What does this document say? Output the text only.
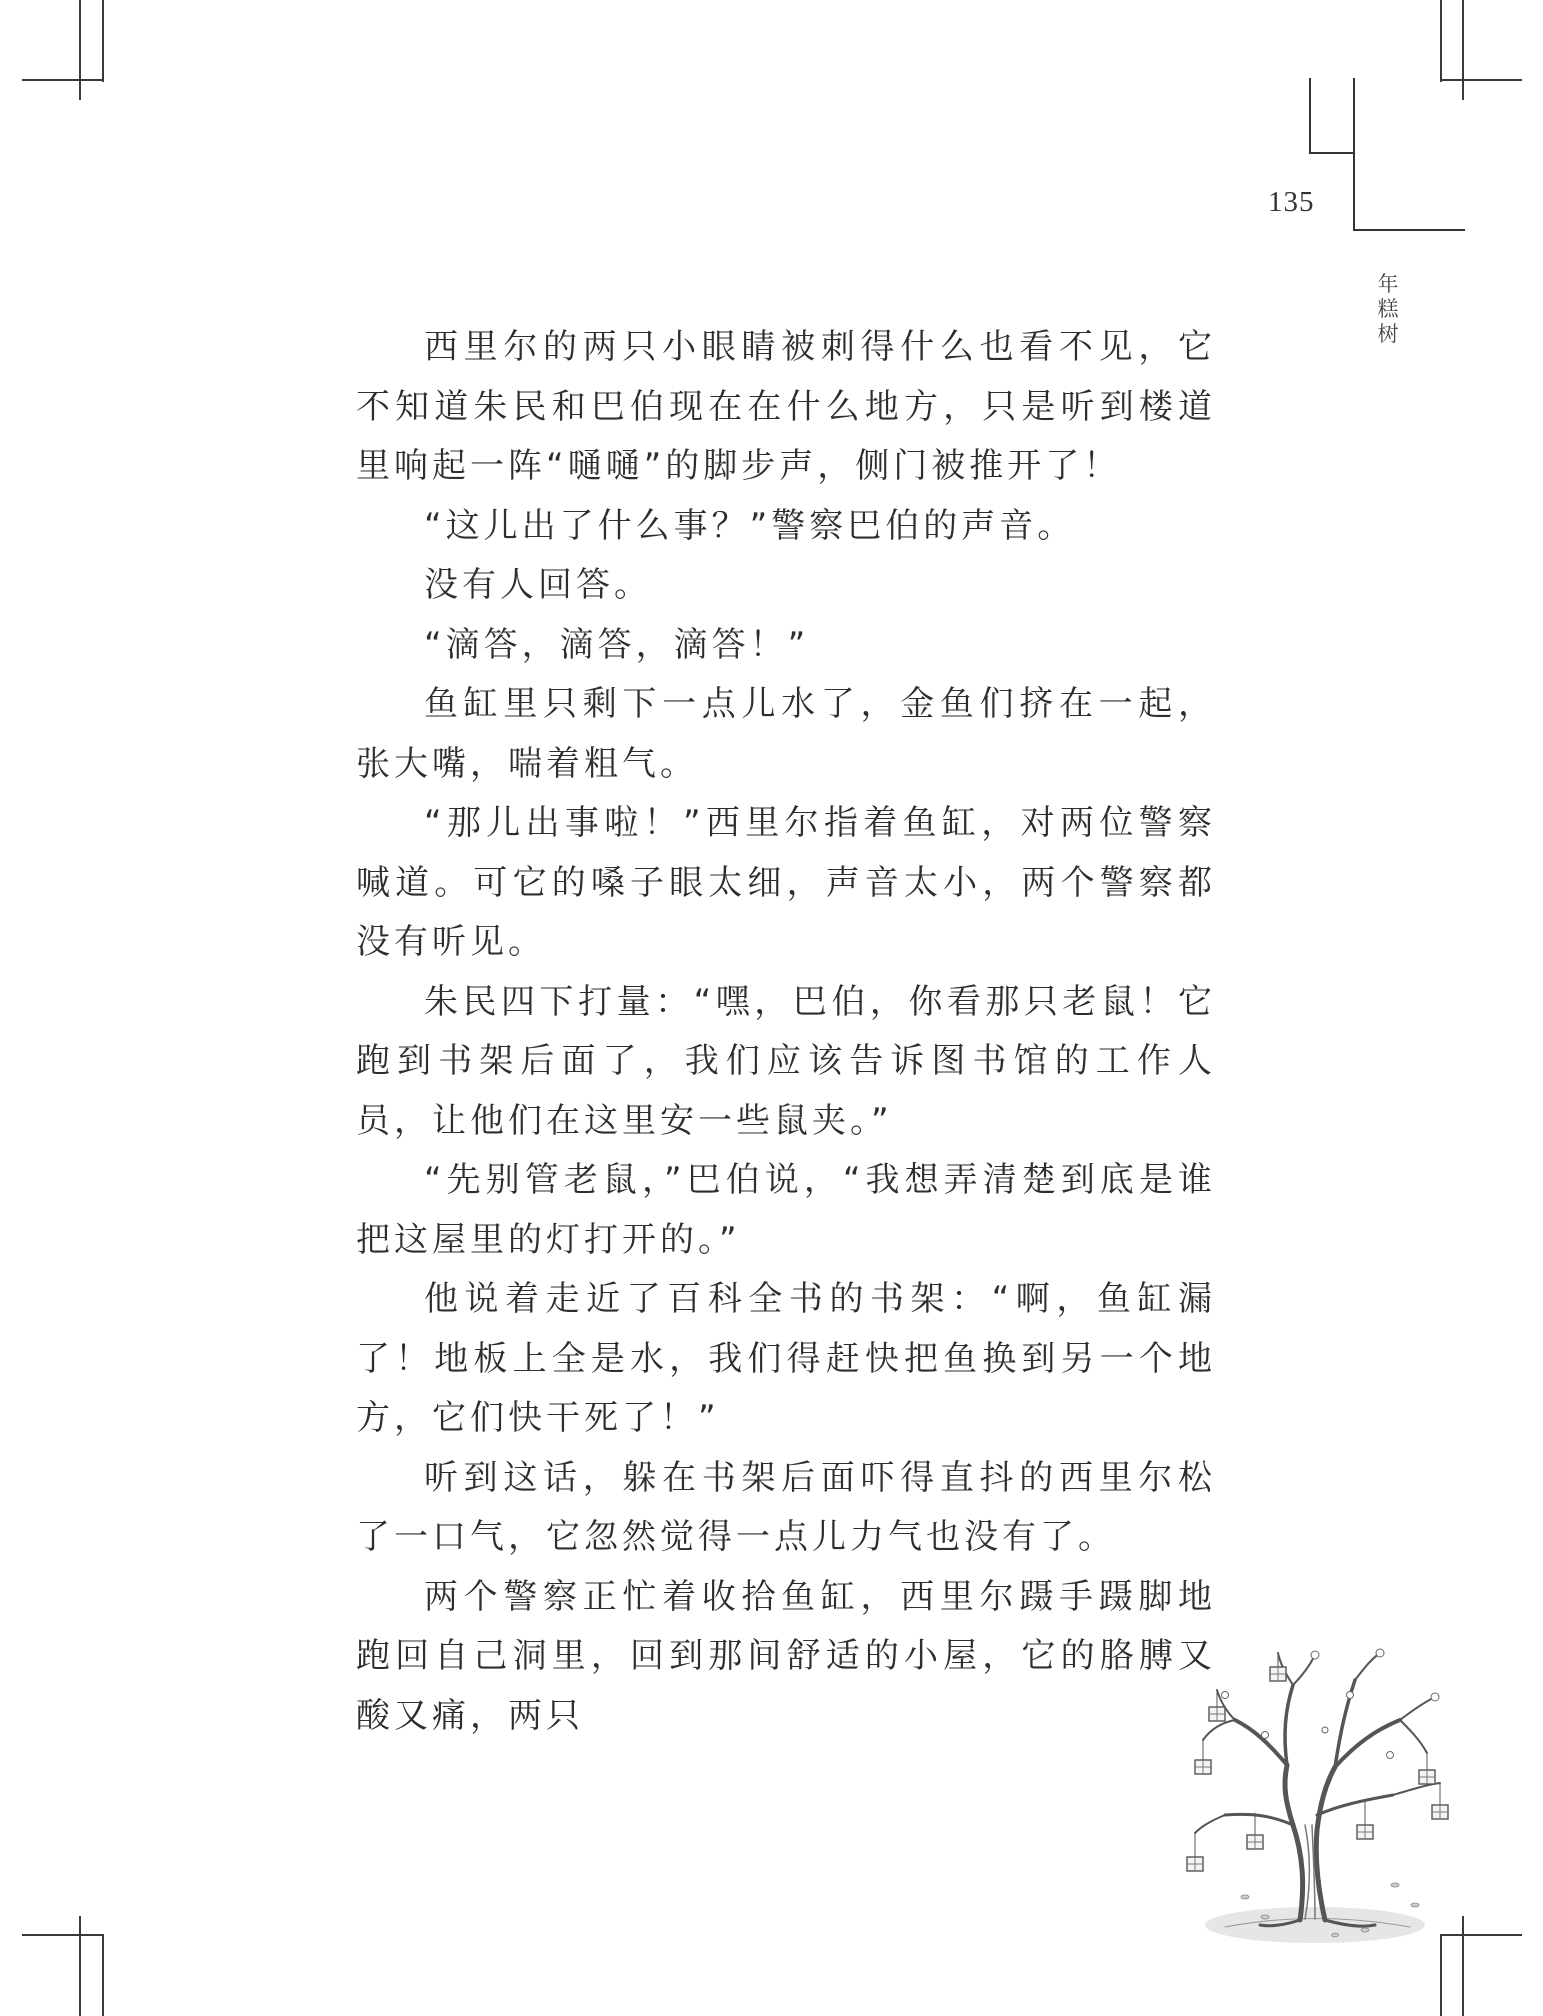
135
年
糕
树

西里尔的两只小眼睛被刺得什么也看不见，它不知道朱民和巴伯现在在什么地方，只是听到楼道里响起一阵“嗵嗵”的脚步声，侧门被推开了！

“这儿出了什么事？”警察巴伯的声音。

没有人回答。

“滴答，滴答，滴答！”

鱼缸里只剩下一点儿水了，金鱼们挤在一起，张大嘴，喘着粗气。

“那儿出事啦！”西里尔指着鱼缸，对两位警察喊道。可它的嗓子眼太细，声音太小，两个警察都没有听见。

朱民四下打量：“嘿，巴伯，你看那只老鼠！它跑到书架后面了，我们应该告诉图书馆的工作人员，让他们在这里安一些鼠夹。”

“先别管老鼠，”巴伯说，“我想弄清楚到底是谁把这屋里的灯打开的。”

他说着走近了百科全书的书架：“啊，鱼缸漏了！地板上全是水，我们得赶快把鱼换到另一个地方，它们快干死了！”

听到这话，躲在书架后面吓得直抖的西里尔松了一口气，它忽然觉得一点儿力气也没有了。

两个警察正忙着收拾鱼缸，西里尔蹑手蹑脚地跑回自己洞里，回到那间舒适的小屋，它的胳膊又酸又痛，两只
